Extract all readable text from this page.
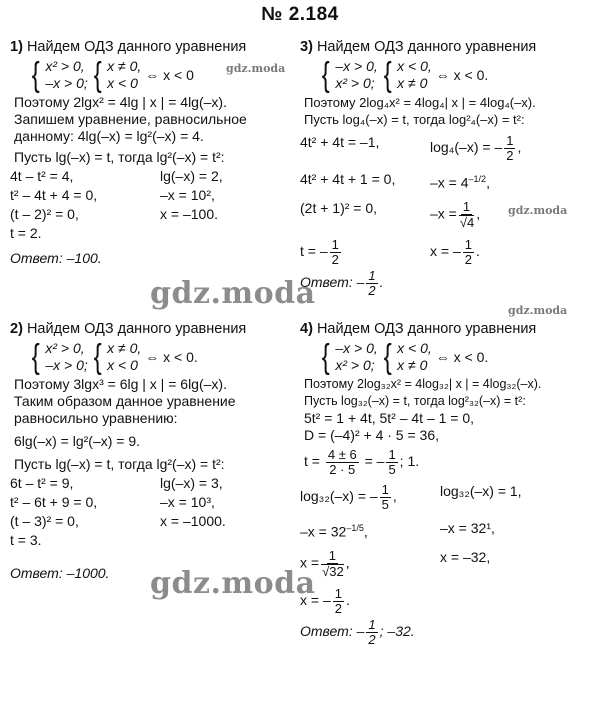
№ 2.184
gdz.moda
gdz.moda
gdz.moda
gdz.moda
gdz.moda
1) Найдем ОДЗ данного уравнения
{ x² > 0,
–x > 0; { x ≠ 0,
x < 0 ⇔ x < 0
Поэтому 2lgx² = 4lg | x | = 4lg(–x).
Запишем уравнение, равносильное
данному: 4lg(–x) = lg²(–x) = 4.
Пусть lg(–x) = t, тогда lg²(–x) = t²:
4t – t² = 4,	lg(–x) = 2,
t² – 4t + 4 = 0,	–x = 10²,
(t – 2)² = 0,	x = –100.
t = 2.
Ответ: –100.
2) Найдем ОДЗ данного уравнения
{ x² > 0,
–x > 0; { x ≠ 0,
x < 0 ⇔ x < 0.
Поэтому 3lgx³ = 6lg | x | = 6lg(–x).
Таким образом данное уравнение
равносильно уравнению:
6lg(–x) = lg²(–x) = 9.
Пусть lg(–x) = t, тогда lg²(–x) = t²:
6t – t² = 9,	lg(–x) = 3,
t² – 6t + 9 = 0,	–x = 10³,
(t – 3)² = 0,	x = –1000.
t = 3.
Ответ: –1000.
3) Найдем ОДЗ данного уравнения
{ –x > 0,
x² > 0; { x < 0,
x ≠ 0 ⇔ x < 0.
Поэтому 2log₄x² = 4log₄| x | = 4log₄(–x).
Пусть log₄(–x) = t, тогда log²₄(–x) = t²:
4t² + 4t = –1,	log₄(–x) = – $\frac{1}{2}$ ,
4t² + 4t + 1 = 0,	$-x = 4^{-1/2}$,
(2t + 1)² = 0,	$-x = \frac{1}{√4}$ ,
t = – $\frac{1}{2}$	x = – $\frac{1}{2}$ .
Ответ: – $\frac{1}{2}$ .
4) Найдем ОДЗ данного уравнения
{ –x > 0,
x² > 0; { x < 0,
x ≠ 0 ⇔ x < 0.
Поэтому 2log₃₂x² = 4log₃₂| x | = 4log₃₂(–x).
Пусть log₃₂(–x) = t, тогда log²₃₂(–x) = t²:
5t² = 1 + 4t, 5t² – 4t – 1 = 0,
D = (–4)² + 4 · 5 = 36,
$t = \frac{4 \pm 6}{2 \cdot 5}$ = – $\frac{1}{5}$ ; 1.
log₃₂(–x) = – $\frac{1}{5}$ ,	log₃₂(–x) = 1,
$-x = 32^{-1/5}$,	–x = 32¹,
$x = \frac{1}{√32}$ ,	x = –32,
x = – $\frac{1}{2}$ .
Ответ: – $\frac{1}{2}$ ; –32.
